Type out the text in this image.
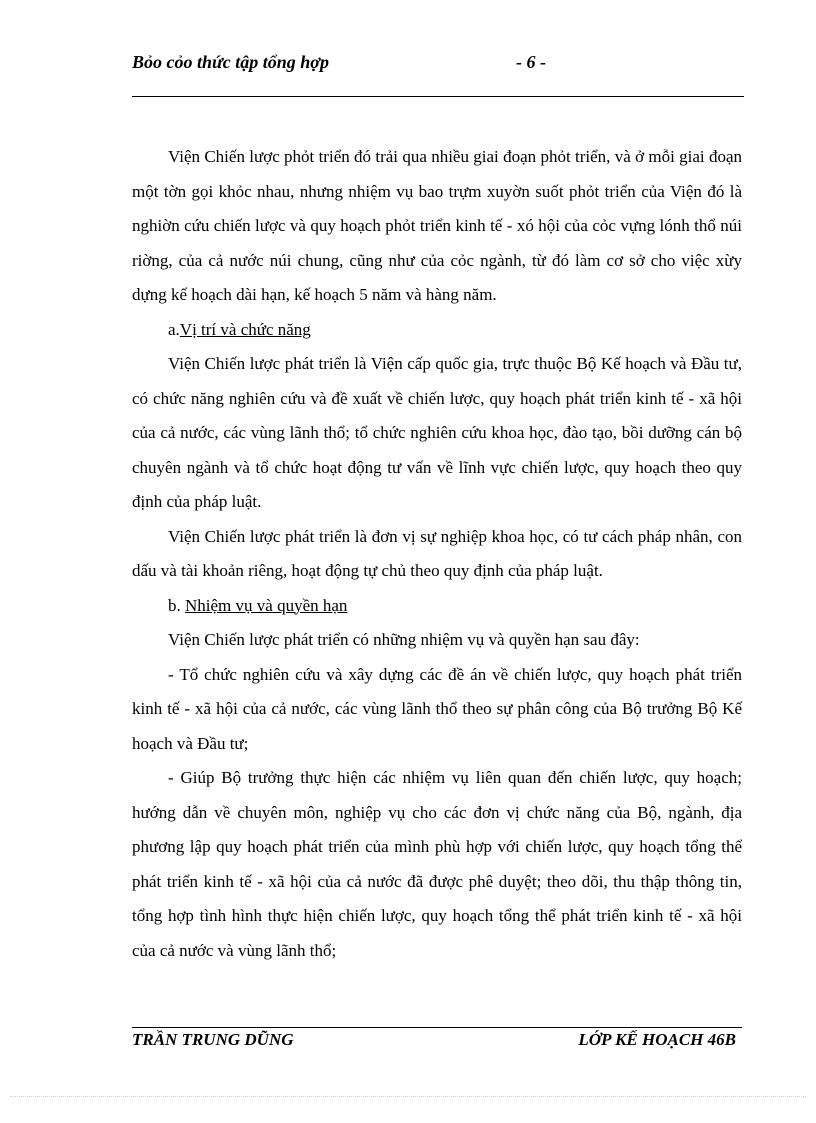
Bỏo cỏo thức tập tổng hợp	- 6 -

Viện Chiến lược phỏt triển đó trải qua nhiều giai đoạn phỏt triển, và ở mỗi giai đoạn một tờn gọi khỏc nhau, nhưng nhiệm vụ bao trựm xuyờn suốt phỏt triển của Viện đó là nghiờn cứu chiến lược và quy hoạch phỏt triển kinh tế - xó hội của cỏc vựng lónh thổ núi riờng, của cả nước núi chung, cũng như của cỏc ngành, từ đó làm cơ sở cho việc xừy dựng kế hoạch dài hạn, kế hoạch 5 năm và hàng năm.

a.Vị trí và chức năng

Viện Chiến lược phát triển là Viện cấp quốc gia, trực thuộc Bộ Kế hoạch và Đầu tư, có chức năng nghiên cứu và đề xuất về chiến lược, quy hoạch phát triển kinh tế - xã hội của cả nước, các vùng lãnh thổ; tổ chức nghiên cứu khoa học, đào tạo, bồi dưỡng cán bộ chuyên ngành và tổ chức hoạt động tư vấn về lĩnh vực chiến lược, quy hoạch theo quy định của pháp luật.

Viện Chiến lược phát triển là đơn vị sự nghiệp khoa học, có tư cách pháp nhân, con dấu và tài khoản riêng, hoạt động tự chủ theo quy định của pháp luật.

b. Nhiệm vụ và quyền hạn

Viện Chiến lược phát triển có những nhiệm vụ và quyền hạn sau đây:

- Tổ chức nghiên cứu và xây dựng các đề án về chiến lược, quy hoạch phát triển kinh tế - xã hội của cả nước, các vùng lãnh thổ theo sự phân công của Bộ trưởng Bộ Kế hoạch và Đầu tư;

- Giúp Bộ trưởng thực hiện các nhiệm vụ liên quan đến chiến lược, quy hoạch; hướng dẫn về chuyên môn, nghiệp vụ cho các đơn vị chức năng của Bộ, ngành, địa phương lập quy hoạch phát triển của mình phù hợp với chiến lược, quy hoạch tổng thể phát triển kinh tế - xã hội của cả nước đã được phê duyệt; theo dõi, thu thập thông tin, tổng hợp tình hình thực hiện chiến lược, quy hoạch tổng thể phát triển kinh tế - xã hội của cả nước và vùng lãnh thổ;

TRẦN TRUNG DŨNG	LỚP KẾ HOẠCH 46B
